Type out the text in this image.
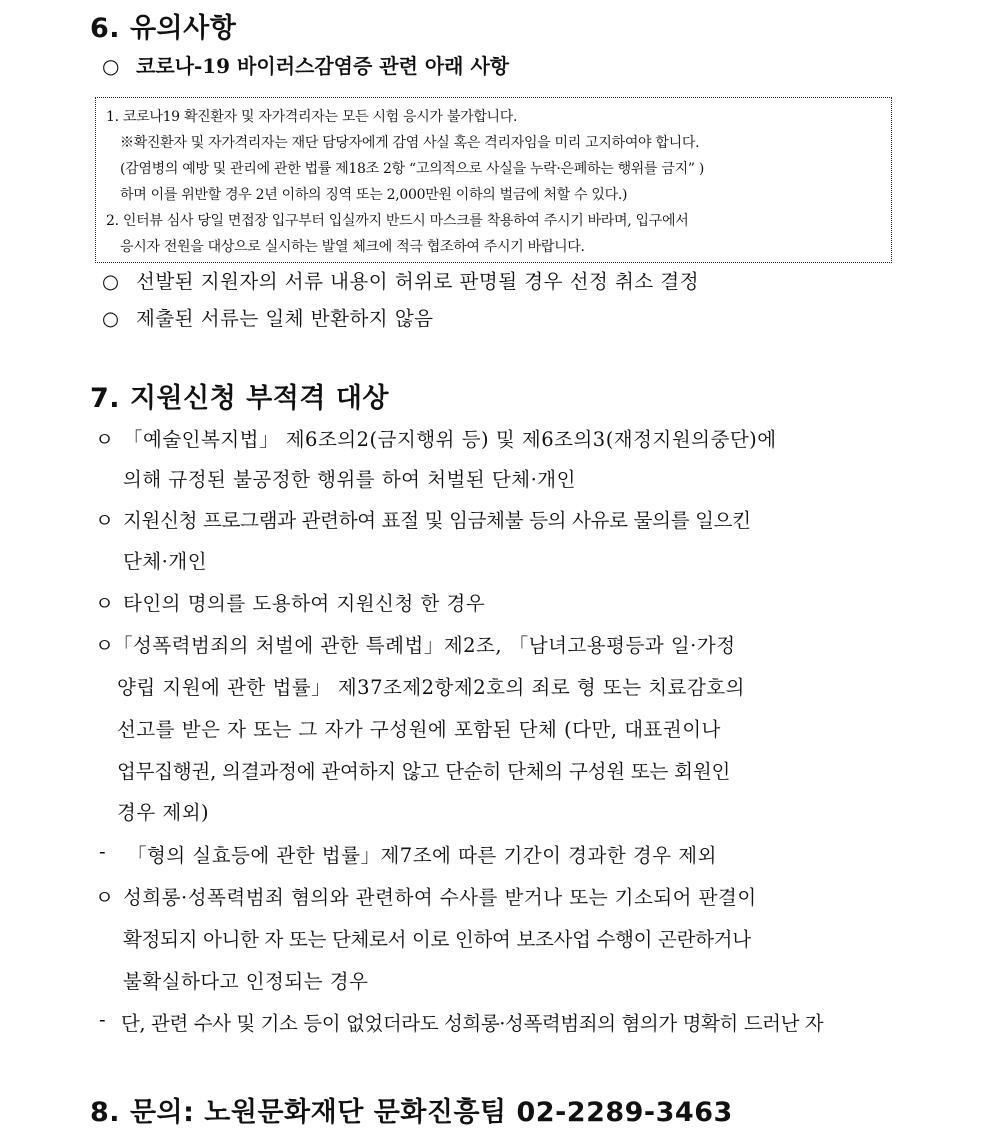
6. 유의사항
○ 코로나-19 바이러스감염증 관련 아래 사항
1. 코로나19 확진환자 및 자가격리자는 모든 시험 응시가 불가합니다.
※확진환자 및 자가격리자는 재단 담당자에게 감염 사실 혹은 격리자임을 미리 고지하여야 합니다.
(감염병의 예방 및 관리에 관한 법률 제18조 2항 “고의적으로 사실을 누락·은폐하는 행위를 금지” )
하며 이를 위반할 경우 2년 이하의 징역 또는 2,000만원 이하의 벌금에 처할 수 있다.)
2. 인터뷰 심사 당일 면접장 입구부터 입실까지 반드시 마스크를 착용하여 주시기 바라며, 입구에서
응시자 전원을 대상으로 실시하는 발열 체크에 적극 협조하여 주시기 바랍니다.
○ 선발된 지원자의 서류 내용이 허위로 판명될 경우 선정 취소 결정
○ 제출된 서류는 일체 반환하지 않음
7. 지원신청 부적격 대상
ㅇ 「예술인복지법」 제6조의2(금지행위 등) 및 제6조의3(재정지원의중단)에
의해 규정된 불공정한 행위를 하여 처벌된 단체·개인
ㅇ 지원신청 프로그램과 관련하여 표절 및 임금체불 등의 사유로 물의를 일으킨
단체·개인
ㅇ 타인의 명의를 도용하여 지원신청 한 경우
ㅇ
「성폭력범죄의 처벌에 관한 특례법」제2조, 「남녀고용평등과 일·가정
양립 지원에 관한 법률」 제37조제2항제2호의 죄로 형 또는 치료감호의
선고를 받은 자 또는 그 자가 구성원에 포함된 단체 (다만, 대표권이나
업무집행권, 의결과정에 관여하지 않고 단순히 단체의 구성원 또는 회원인
경우 제외)
- 「형의 실효등에 관한 법률」제7조에 따른 기간이 경과한 경우 제외
ㅇ 성희롱·성폭력범죄 혐의와 관련하여 수사를 받거나 또는 기소되어 판결이
확정되지 아니한 자 또는 단체로서 이로 인하여 보조사업 수행이 곤란하거나
불확실하다고 인정되는 경우
- 단, 관련 수사 및 기소 등이 없었더라도 성희롱·성폭력범죄의 혐의가 명확히 드러난 자
8. 문의: 노원문화재단 문화진흥팀 02-2289-3463
